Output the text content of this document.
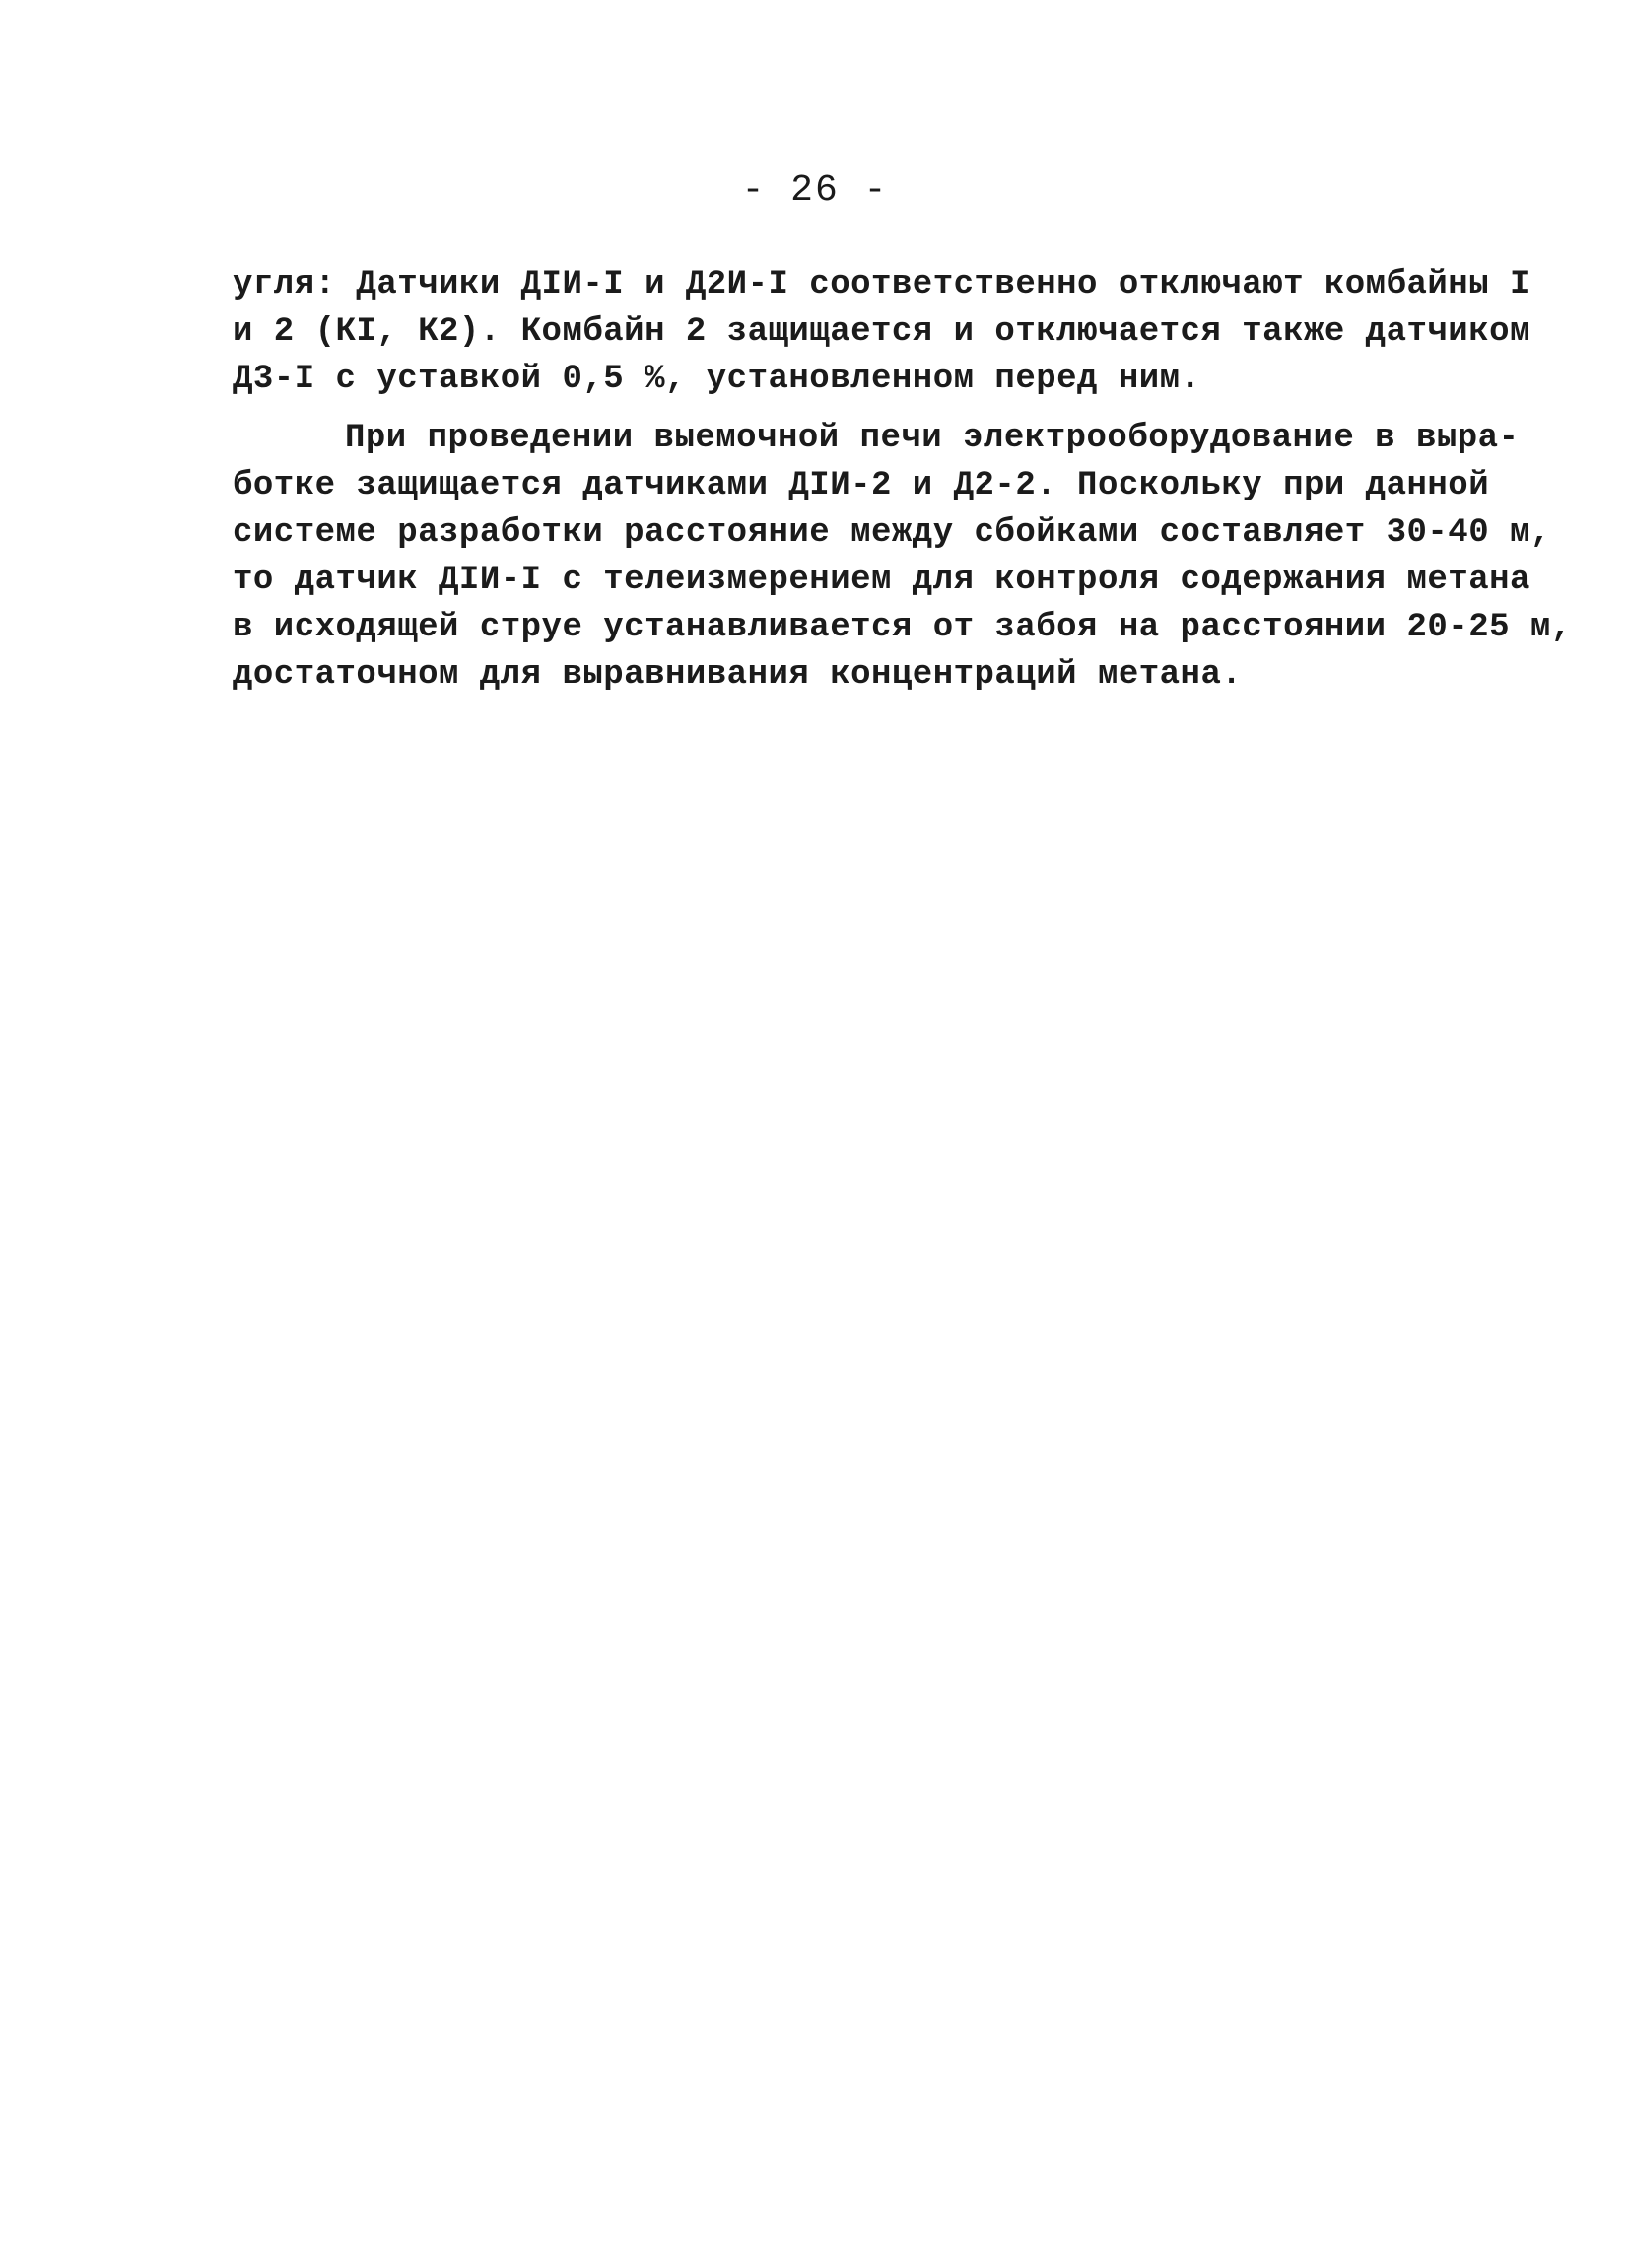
- 26 -
угля: Датчики ДІИ-І и Д2И-І соответственно отключают комбайны І
и 2 (КІ, К2). Комбайн 2 защищается и отключается также датчиком
Д3-І с уставкой 0,5 %, установленном перед ним.
При проведении выемочной печи электрооборудование в выра-
ботке защищается датчиками ДІИ-2 и Д2-2. Поскольку при данной
системе разработки расстояние между сбойками составляет 30-40 м,
то датчик ДІИ-І с телеизмерением для контроля содержания метана
в исходящей струе устанавливается от забоя на расстоянии 20-25 м,
достаточном для выравнивания концентраций метана.
